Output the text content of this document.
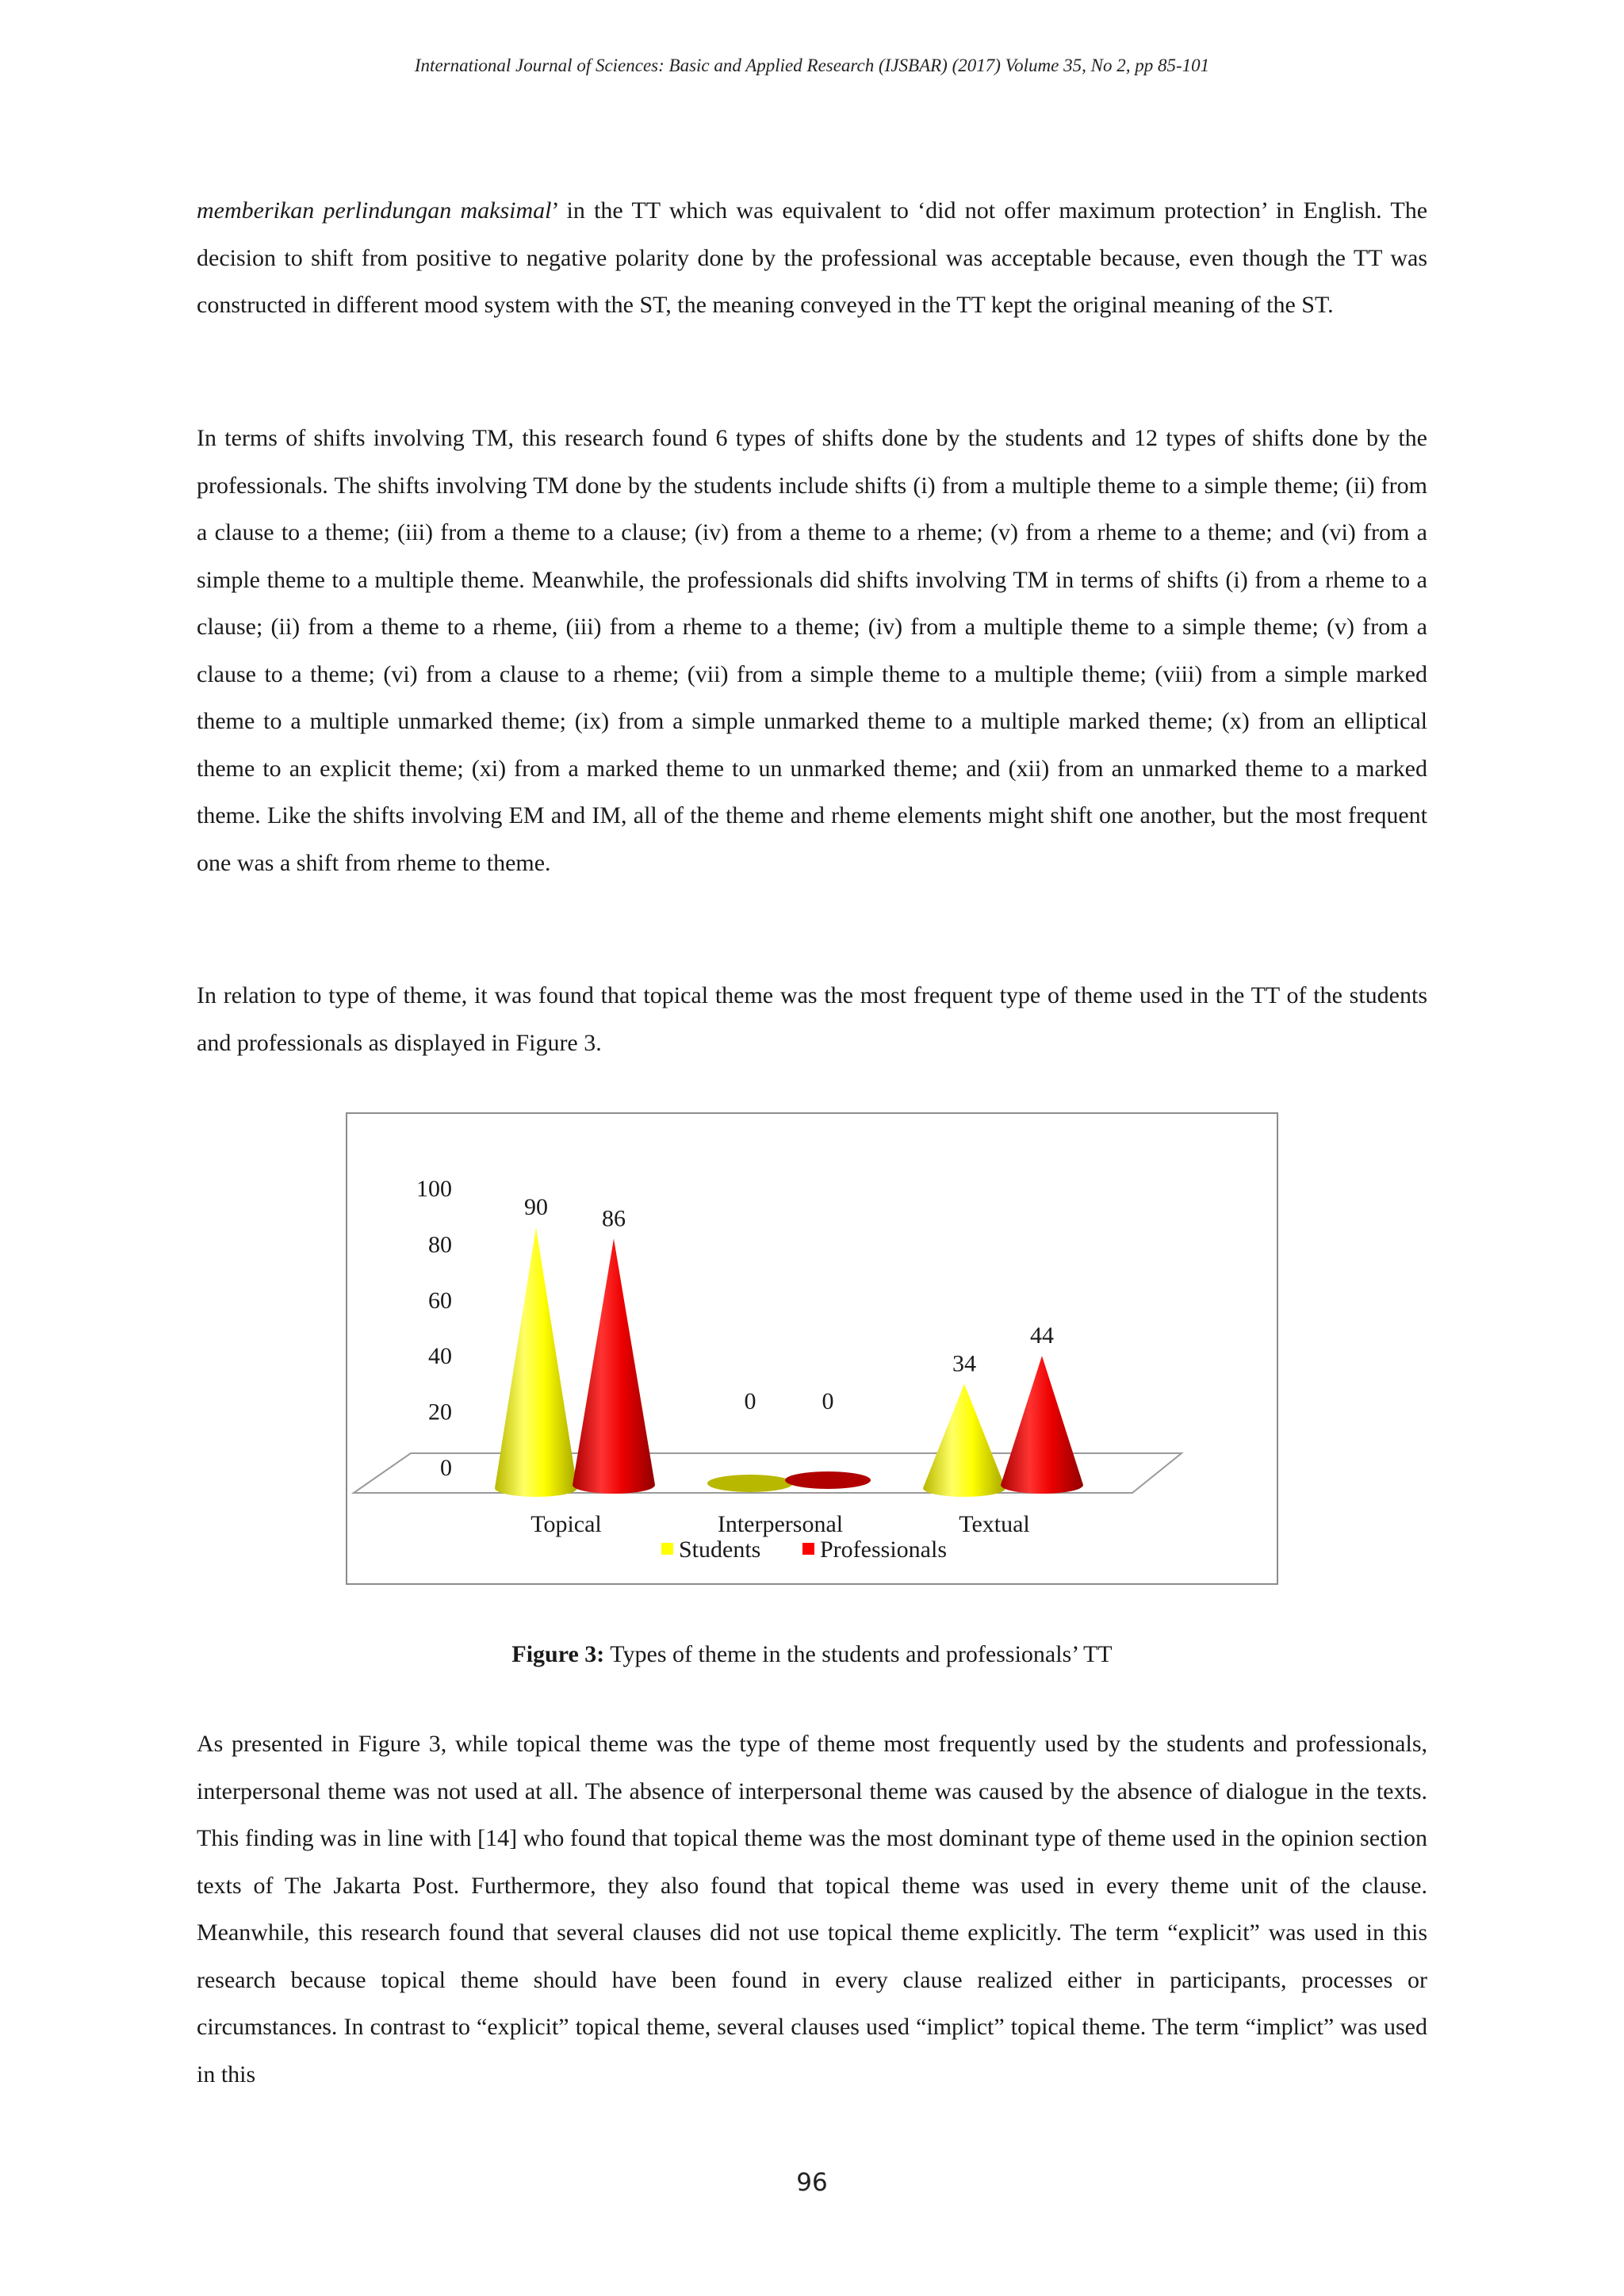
International Journal of Sciences: Basic and Applied Research (IJSBAR) (2017) Volume 35, No 2, pp 85-101

memberikan perlindungan maksimal’ in the TT which was equivalent to ‘did not offer maximum protection’ in English. The decision to shift from positive to negative polarity done by the professional was acceptable because, even though the TT was constructed in different mood system with the ST, the meaning conveyed in the TT kept the original meaning of the ST.

In terms of shifts involving TM, this research found 6 types of shifts done by the students and 12 types of shifts done by the professionals. The shifts involving TM done by the students include shifts (i) from a multiple theme to a simple theme; (ii) from a clause to a theme; (iii) from a theme to a clause; (iv) from a theme to a rheme; (v) from a rheme to a theme; and (vi) from a simple theme to a multiple theme. Meanwhile, the professionals did shifts involving TM in terms of shifts (i) from a rheme to a clause; (ii) from a theme to a rheme, (iii) from a rheme to a theme; (iv) from a multiple theme to a simple theme; (v) from a clause to a theme; (vi) from a clause to a rheme; (vii) from a simple theme to a multiple theme; (viii) from a simple marked theme to a multiple unmarked theme; (ix) from a simple unmarked theme to a multiple marked theme; (x) from an elliptical theme to an explicit theme; (xi) from a marked theme to un unmarked theme; and (xii) from an unmarked theme to a marked theme. Like the shifts involving EM and IM, all of the theme and rheme elements might shift one another, but the most frequent one was a shift from rheme to theme.

In relation to type of theme, it was found that topical theme was the most frequent type of theme used in the TT of the students and professionals as displayed in Figure 3.

100
80
60
40
20
0
90 86
0	0
34
44
Topical	Interpersonal	Textual
Students Professionals
Figure 3: Types of theme in the students and professionals’ TT

As presented in Figure 3, while topical theme was the type of theme most frequently used by the students and professionals, interpersonal theme was not used at all. The absence of interpersonal theme was caused by the absence of dialogue in the texts. This finding was in line with [14] who found that topical theme was the most dominant type of theme used in the opinion section texts of The Jakarta Post. Furthermore, they also found that topical theme was used in every theme unit of the clause. Meanwhile, this research found that several clauses did not use topical theme explicitly. The term “explicit” was used in this research because topical theme should have been found in every clause realized either in participants, processes or circumstances. In contrast to “explicit” topical theme, several clauses used “implict” topical theme. The term “implict” was used in this

96
